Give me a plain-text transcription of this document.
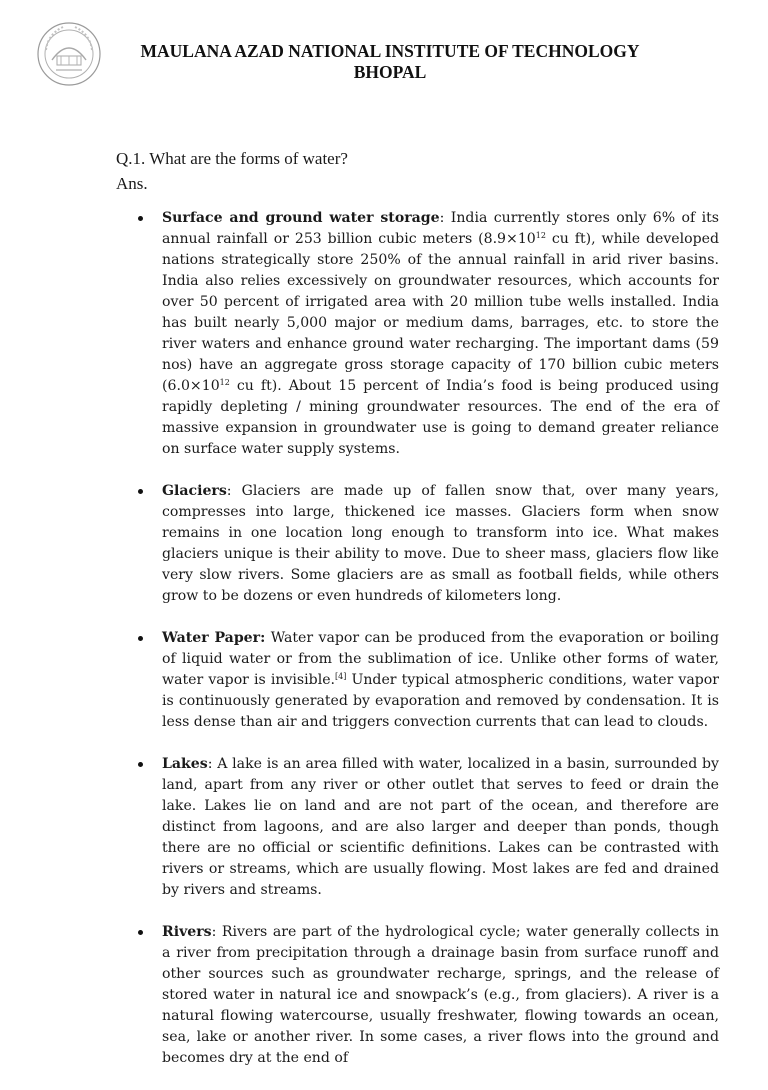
MAULANA AZAD NATIONAL INSTITUTE OF TECHNOLOGY
BHOPAL
Q.1. What are the forms of water?
Ans.
Surface and ground water storage: India currently stores only 6% of its annual rainfall or 253 billion cubic meters ($8.9\times 10^{12}$ cu ft), while developed nations strategically store 250% of the annual rainfall in arid river basins. India also relies excessively on groundwater resources, which accounts for over 50 percent of irrigated area with 20 million tube wells installed. India has built nearly 5,000 major or medium dams, barrages, etc. to store the river waters and enhance ground water recharging. The important dams (59 nos) have an aggregate gross storage capacity of 170 billion cubic meters ($6.0\times 10^{12}$ cu ft). About 15 percent of India’s food is being produced using rapidly depleting / mining groundwater resources. The end of the era of massive expansion in groundwater use is going to demand greater reliance on surface water supply systems.
Glaciers: Glaciers are made up of fallen snow that, over many years, compresses into large, thickened ice masses. Glaciers form when snow remains in one location long enough to transform into ice. What makes glaciers unique is their ability to move. Due to sheer mass, glaciers flow like very slow rivers. Some glaciers are as small as football fields, while others grow to be dozens or even hundreds of kilometers long.
Water Paper: Water vapor can be produced from the evaporation or boiling of liquid water or from the sublimation of ice. Unlike other forms of water, water vapor is invisible.[4] Under typical atmospheric conditions, water vapor is continuously generated by evaporation and removed by condensation. It is less dense than air and triggers convection currents that can lead to clouds.
Lakes: A lake is an area filled with water, localized in a basin, surrounded by land, apart from any river or other outlet that serves to feed or drain the lake. Lakes lie on land and are not part of the ocean, and therefore are distinct from lagoons, and are also larger and deeper than ponds, though there are no official or scientific definitions. Lakes can be contrasted with rivers or streams, which are usually flowing. Most lakes are fed and drained by rivers and streams.
Rivers: Rivers are part of the hydrological cycle; water generally collects in a river from precipitation through a drainage basin from surface runoff and other sources such as groundwater recharge, springs, and the release of stored water in natural ice and snowpack’s (e.g., from glaciers). A river is a natural flowing watercourse, usually freshwater, flowing towards an ocean, sea, lake or another river. In some cases, a river flows into the ground and becomes dry at the end of
